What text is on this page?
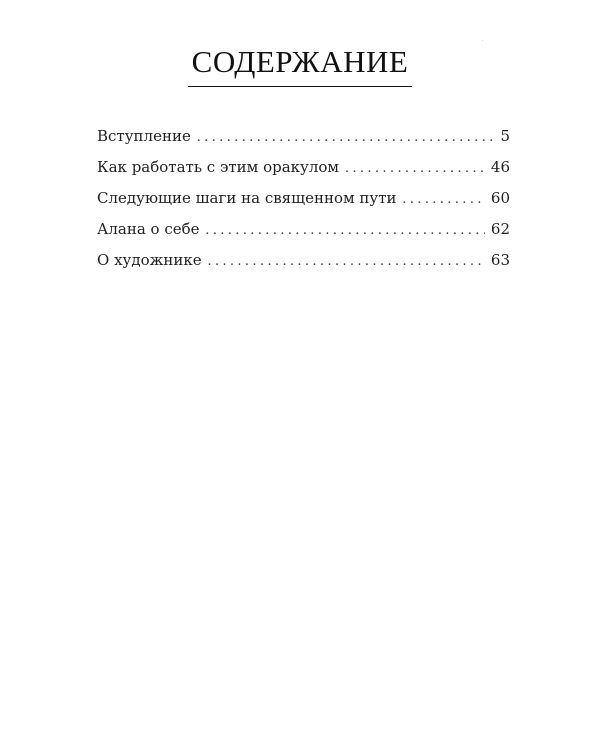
СОДЕРЖАНИЕ
Вступление . . .	5
Как работать с этим оракулом . . .	46
Следующие шаги на священном пути . . .	60
Алана о себе . . .	62
О художнике . . .	63
